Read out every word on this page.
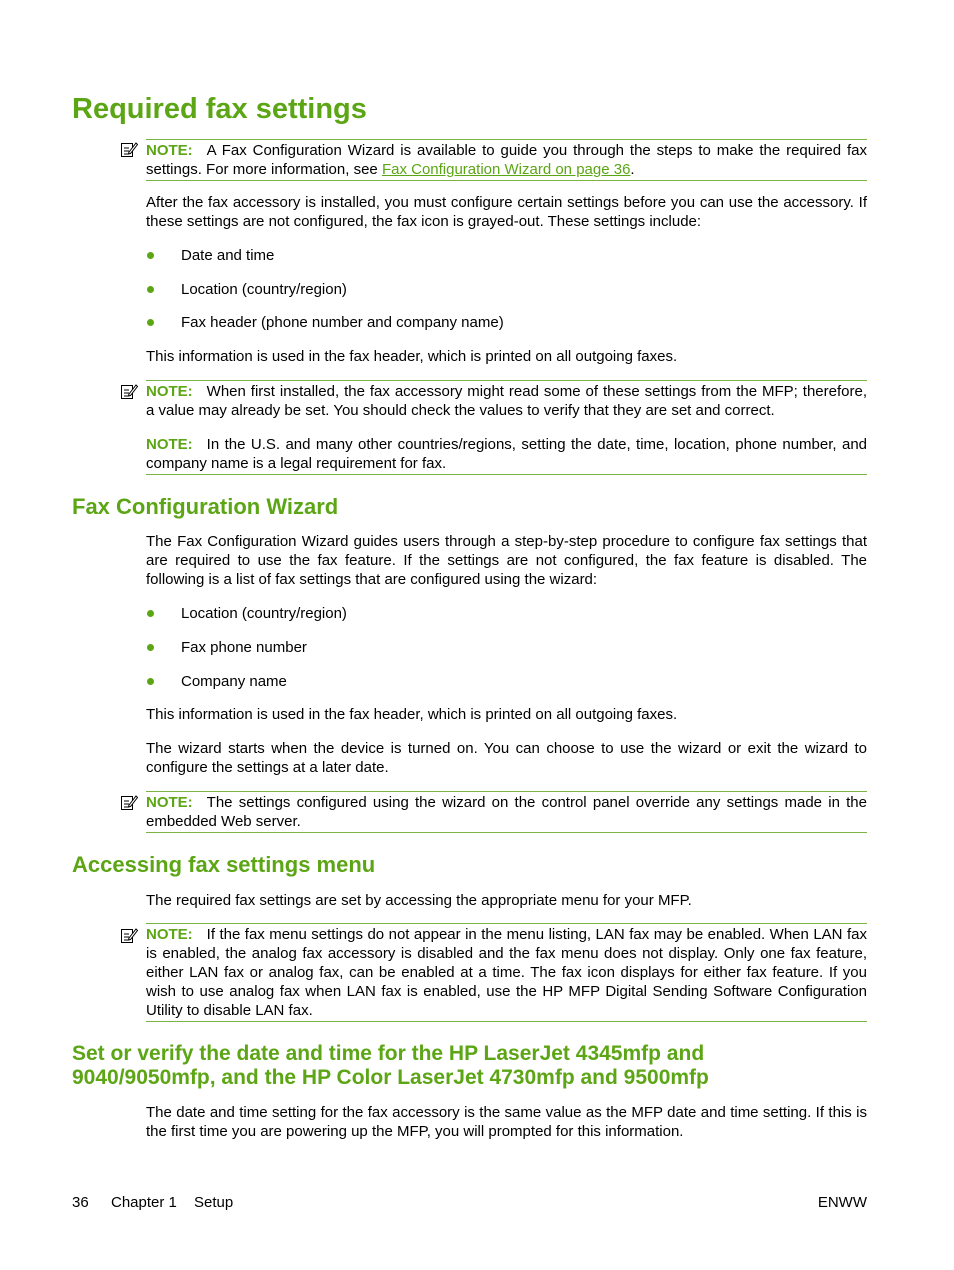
Required fax settings

NOTE: A Fax Configuration Wizard is available to guide you through the steps to make the required fax settings. For more information, see Fax Configuration Wizard on page 36.

After the fax accessory is installed, you must configure certain settings before you can use the accessory. If these settings are not configured, the fax icon is grayed-out. These settings include:

Date and time
Location (country/region)
Fax header (phone number and company name)

This information is used in the fax header, which is printed on all outgoing faxes.

NOTE: When first installed, the fax accessory might read some of these settings from the MFP; therefore, a value may already be set. You should check the values to verify that they are set and correct.

NOTE: In the U.S. and many other countries/regions, setting the date, time, location, phone number, and company name is a legal requirement for fax.

Fax Configuration Wizard

The Fax Configuration Wizard guides users through a step-by-step procedure to configure fax settings that are required to use the fax feature. If the settings are not configured, the fax feature is disabled. The following is a list of fax settings that are configured using the wizard:

Location (country/region)
Fax phone number
Company name

This information is used in the fax header, which is printed on all outgoing faxes.

The wizard starts when the device is turned on. You can choose to use the wizard or exit the wizard to configure the settings at a later date.

NOTE: The settings configured using the wizard on the control panel override any settings made in the embedded Web server.

Accessing fax settings menu

The required fax settings are set by accessing the appropriate menu for your MFP.

NOTE: If the fax menu settings do not appear in the menu listing, LAN fax may be enabled. When LAN fax is enabled, the analog fax accessory is disabled and the fax menu does not display. Only one fax feature, either LAN fax or analog fax, can be enabled at a time. The fax icon displays for either fax feature. If you wish to use analog fax when LAN fax is enabled, use the HP MFP Digital Sending Software Configuration Utility to disable LAN fax.

Set or verify the date and time for the HP LaserJet 4345mfp and
9040/9050mfp, and the HP Color LaserJet 4730mfp and 9500mfp

The date and time setting for the fax accessory is the same value as the MFP date and time setting. If this is the first time you are powering up the MFP, you will prompted for this information.

36 Chapter 1 Setup	ENWW
